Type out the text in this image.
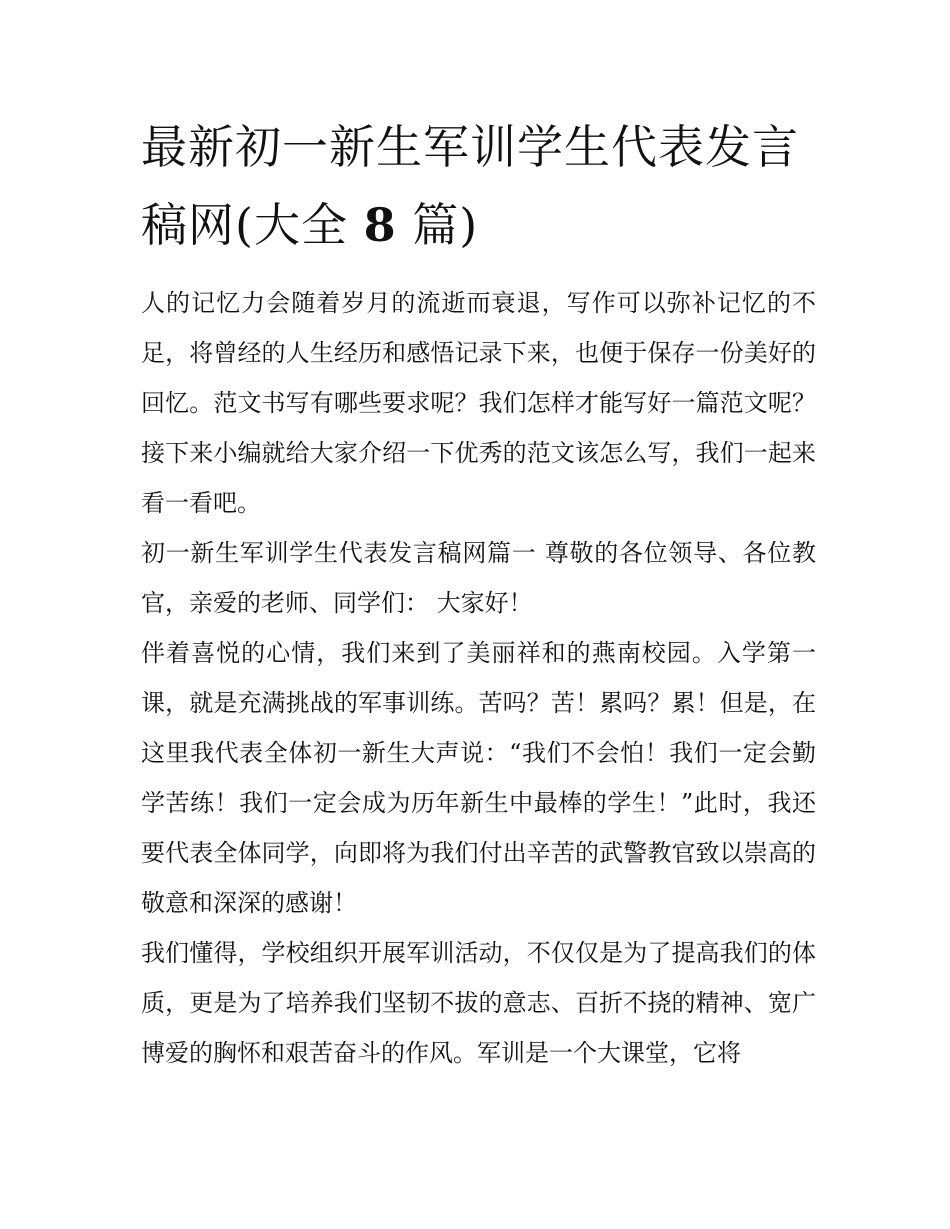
最新初一新生军训学生代表发言稿网(大全 8 篇)

人的记忆力会随着岁月的流逝而衰退，写作可以弥补记忆的不足，将曾经的人生经历和感悟记录下来，也便于保存一份美好的回忆。范文书写有哪些要求呢？我们怎样才能写好一篇范文呢？接下来小编就给大家介绍一下优秀的范文该怎么写，我们一起来看一看吧。

初一新生军训学生代表发言稿网篇一 尊敬的各位领导、各位教官，亲爱的老师、同学们： 大家好！

伴着喜悦的心情，我们来到了美丽祥和的燕南校园。入学第一课，就是充满挑战的军事训练。苦吗？苦！累吗？累！但是，在这里我代表全体初一新生大声说：“我们不会怕！我们一定会勤学苦练！我们一定会成为历年新生中最棒的学生！”此时，我还要代表全体同学，向即将为我们付出辛苦的武警教官致以崇高的敬意和深深的感谢！

我们懂得，学校组织开展军训活动，不仅仅是为了提高我们的体质，更是为了培养我们坚韧不拔的意志、百折不挠的精神、宽广博爱的胸怀和艰苦奋斗的作风。军训是一个大课堂，它将
